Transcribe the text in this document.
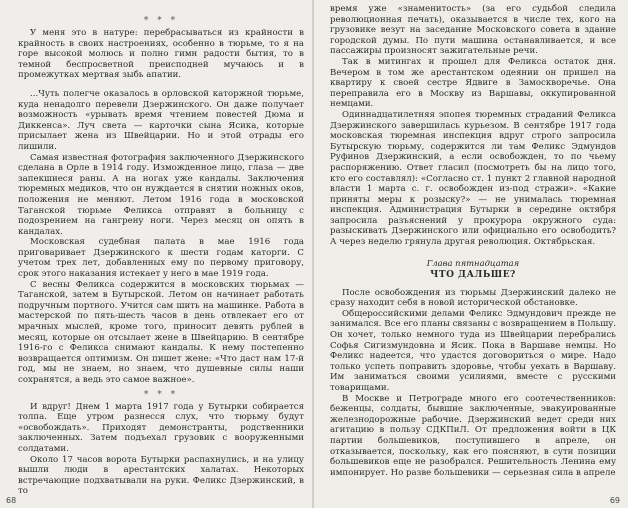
* * *

У меня это в натуре: перебрасываться из крайности в крайность в своих настроениях, особенно в тюрьме, то я на горе высокой молюсь и полно гимн радости бытия, то в темной беспросветной преисподней мучаюсь и в промежутках мертвая зыбь апатии.

...Чуть полегче оказалось в орловской каторжной тюрьме, куда ненадолго перевели Дзержинского. Он даже получает возможность «урывать время чтением повестей Дюма и Диккенса». Луч света — карточки сына Ясика, которые присылает жена из Швейцарии. Но и этой отрады его лишили.

Самая известная фотография заключенного Дзержинского сделана в Орле в 1914 году. Изможденное лицо, глаза — две запекшиеся раны. А на ногах уже кандалы. Заключения тюремных медиков, что он нуждается в снятии ножных оков, положения не меняют. Летом 1916 года в московской Таганской тюрьме Феликса отправят в больницу с подозрением на гангрену ноги. Через месяц он опять в кандалах.

Московская судебная палата в мае 1916 года приговаривает Дзержинского к шести годам каторги. С учетом трех лет, добавленных ему по первому приговору, срок этого наказания истекает у него в мае 1919 года.

С весны Феликса содержится в московских тюрьмах — Таганской, затем в Бутырской. Летом он начинает работать подручным портного. Учится сам шить на машинке. Работа в мастерской по пять-шесть часов в день отвлекает его от мрачных мыслей, кроме того, приносит девять рублей в месяц, которые он отсылает жене в Швейцарию. В сентябре 1916-го с Феликса снимают кандалы. К нему постепенно возвращается оптимизм. Он пишет жене: «Что даст нам 17-й год, мы не знаем, но знаем, что душевные силы наши сохранятся, а ведь это самое важное».

* * *

И вдруг! Днем 1 марта 1917 года у Бутырки собирается толпа. Еще утром разнесся слух, что тюрьму будут «освобождать». Приходят демонстранты, родственники заключенных. Затем подъехал грузовик с вооруженными солдатами.

Около 17 часов ворота Бутырки распахнулись, и на улицу вышли люди в арестантских халатах. Некоторых встречающие подхватывали на руки. Феликс Дзержинский, в то

68

время уже «знаменитость» (за его судьбой следила революционная печать), оказывается в числе тех, кого на грузовике везут на заседание Московского совета в здание городской думы. По пути машина останавливается, и все пассажиры произносят зажигательные речи.

Так в митингах и прошел для Феликса остаток дня. Вечером в том же арестантском одеянии он пришел на квартиру к своей сестре Ядвиге в Замоскворечье. Она переправила его в Москву из Варшавы, оккупированной немцами.

Одиннадцатилетняя эпопея тюремных страданий Феликса Дзержинского завершилась курьезом. В сентябре 1917 года московская тюремная инспекция вдруг строго запросила Бутырскую тюрьму, содержится ли там Феликс Эдмундов Руфинов Дзержинский, а если освобожден, то по чьему распоряжению. Ответ гласил (посмотреть бы на лицо того, кто его составлял): «Согласно ст. 1 пункт 2 главной народной власти 1 марта с. г. освобожден из-под стражи». «Какие приняты меры к розыску?» — не унималась тюремная инспекция. Администрация Бутырки в середине октября запросила разъяснений у прокурора окружного суда: разыскивать Дзержинского или официально его освободить? А через неделю грянула другая революция. Октябрьская.

Глава пятнадцатая
ЧТО ДАЛЬШЕ?

После освобождения из тюрьмы Дзержинский далеко не сразу находит себя в новой исторической обстановке.

Общероссийскими делами Феликс Эдмундович прежде не занимался. Все его планы связаны с возвращением в Польшу. Он хочет, только немного туда из Швейцарии перебрались Софья Сигизмундовна и Ясик. Пока в Варшаве немцы. Но Феликс надеется, что удастся договориться о мире. Надо только успеть поправить здоровье, чтобы уехать в Варшаву. Им заниматься своими усилиями, вместе с русскими товарищами.

В Москве и Петрограде много его соотечественников: беженцы, солдаты, бывшие заключенные, эвакуированные железнодорожные рабочие. Дзержинский ведет среди них агитацию в пользу СДКПиЛ. От предложения войти в ЦК партии большевиков, поступившего в апреле, он отказывается, поскольку, как его поясняют, в сути позиции большевиков еще не разобрался. Решительность Ленина ему импонирует. Но разве большевики — серьезная сила в апреле

69
